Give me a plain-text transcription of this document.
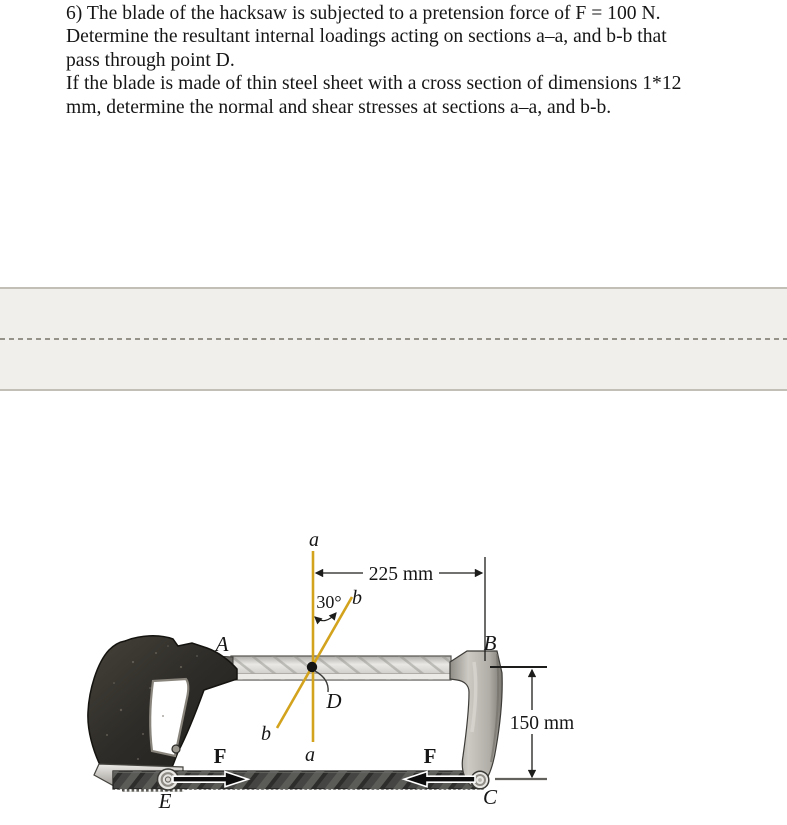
6) The blade of the hacksaw is subjected to a pretension force of F = 100 N.
Determine the resultant internal loadings acting on sections a–a, and b-b that
pass through point D.
If the blade is made of thin steel sheet with a cross section of dimensions 1*12
mm, determine the normal and shear stresses at sections a–a, and b-b.
a
225 mm
30° b
A	B
D
b
a
F	F
E	C
150 mm
